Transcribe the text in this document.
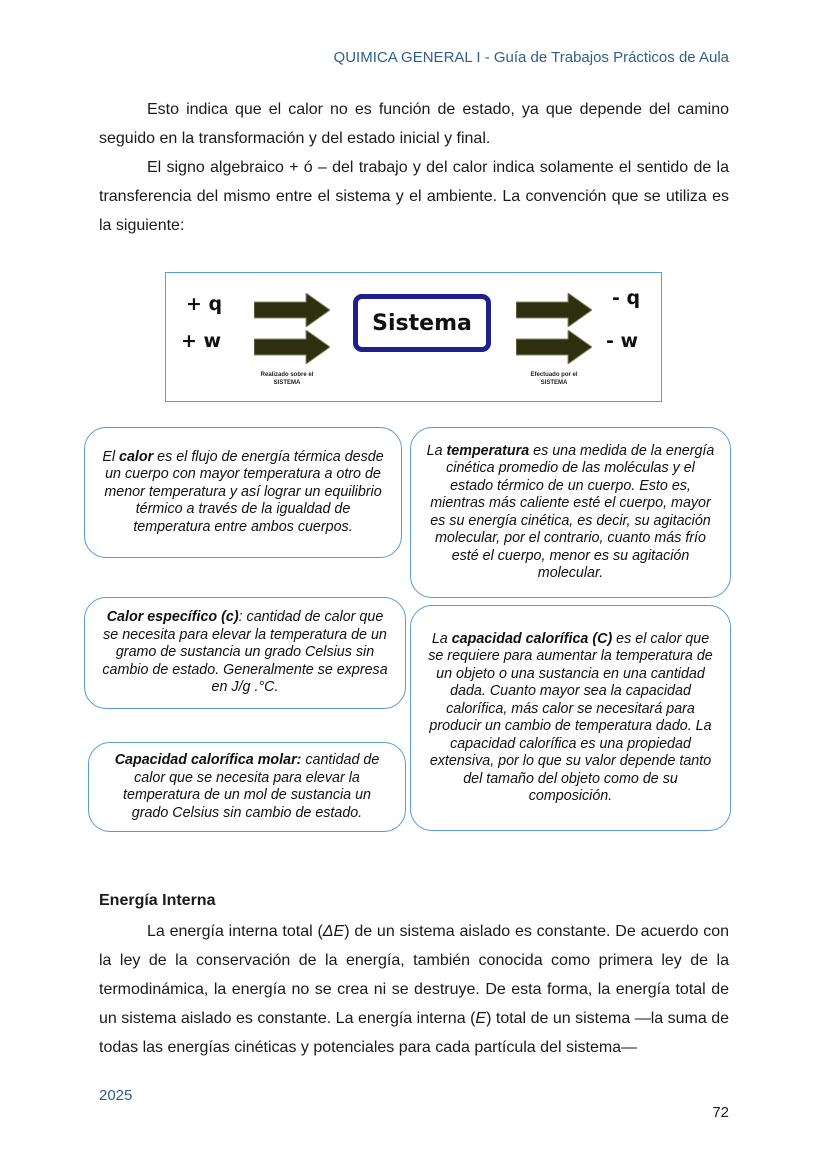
QUIMICA GENERAL I - Guía de Trabajos Prácticos de Aula

Esto indica que el calor no es función de estado, ya que depende del camino seguido en la transformación y del estado inicial y final.

El signo algebraico + ó – del trabajo y del calor indica solamente el sentido de la transferencia del mismo entre el sistema y el ambiente. La convención que se utiliza es la siguiente:

+ q
+ w
Sistema
- q
- w
Realizado sobre el
SISTEMA
Efectuado por el
SISTEMA

El calor es el flujo de energía térmica desde un cuerpo con mayor temperatura a otro de menor temperatura y así lograr un equilibrio térmico a través de la igualdad de temperatura entre ambos cuerpos.

La temperatura es una medida de la energía cinética promedio de las moléculas y el estado térmico de un cuerpo. Esto es, mientras más caliente esté el cuerpo, mayor es su energía cinética, es decir, su agitación molecular, por el contrario, cuanto más frío esté el cuerpo, menor es su agitación molecular.

Calor específico (c): cantidad de calor que se necesita para elevar la temperatura de un gramo de sustancia un grado Celsius sin cambio de estado. Generalmente se expresa en J/g .°C.

La capacidad calorífica (C) es el calor que se requiere para aumentar la temperatura de un objeto o una sustancia en una cantidad dada. Cuanto mayor sea la capacidad calorífica, más calor se necesitará para producir un cambio de temperatura dado. La capacidad calorífica es una propiedad extensiva, por lo que su valor depende tanto del tamaño del objeto como de su composición.

Capacidad calorífica molar: cantidad de calor que se necesita para elevar la temperatura de un mol de sustancia un grado Celsius sin cambio de estado.

Energía Interna

La energía interna total (ΔE) de un sistema aislado es constante. De acuerdo con la ley de la conservación de la energía, también conocida como primera ley de la termodinámica, la energía no se crea ni se destruye. De esta forma, la energía total de un sistema aislado es constante. La energía interna (E) total de un sistema —la suma de todas las energías cinéticas y potenciales para cada partícula del sistema—

2025
72
